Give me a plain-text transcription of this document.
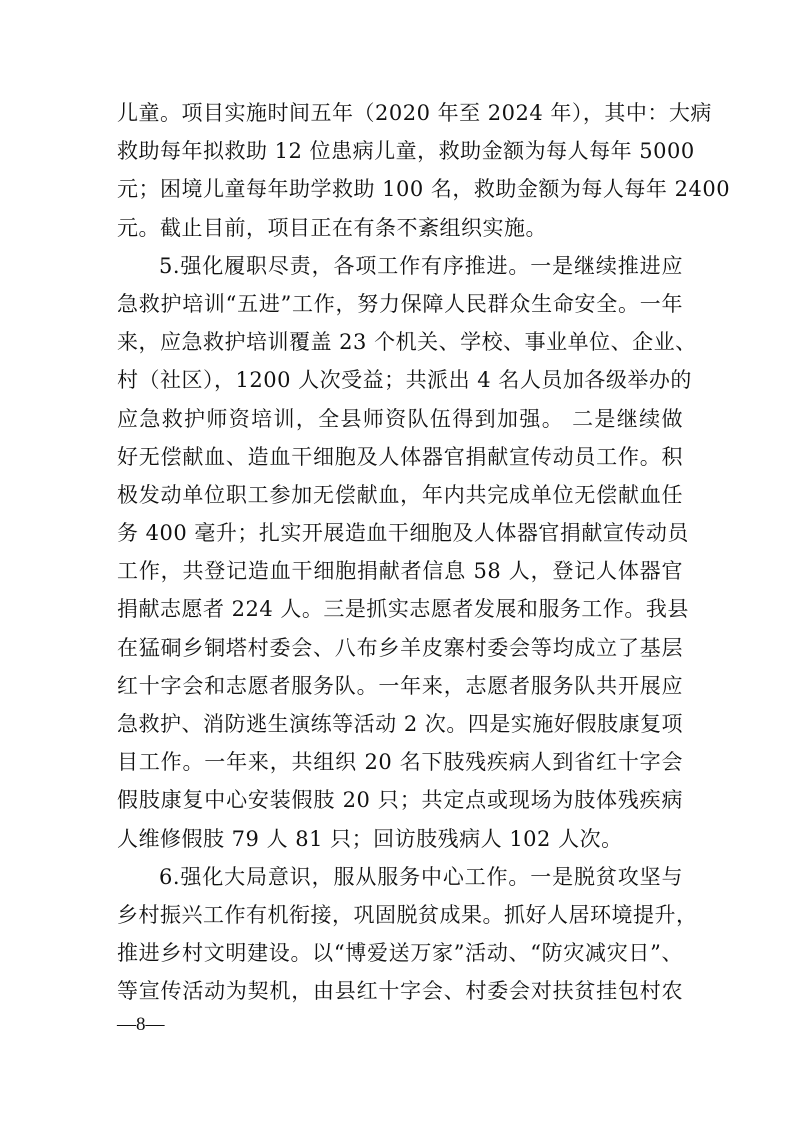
儿童。项目实施时间五年（2020 年至 2024 年），其中：大病
救助每年拟救助 12 位患病儿童，救助金额为每人每年 5000
元；困境儿童每年助学救助 100 名，救助金额为每人每年 2400
元。截止目前，项目正在有条不紊组织实施。
5.强化履职尽责，各项工作有序推进。一是继续推进应
急救护培训“五进”工作，努力保障人民群众生命安全。一年
来，应急救护培训覆盖 23 个机关、学校、事业单位、企业、
村（社区），1200 人次受益；共派出 4 名人员加各级举办的
应急救护师资培训，全县师资队伍得到加强。 二是继续做
好无偿献血、造血干细胞及人体器官捐献宣传动员工作。积
极发动单位职工参加无偿献血，年内共完成单位无偿献血任
务 400 毫升；扎实开展造血干细胞及人体器官捐献宣传动员
工作，共登记造血干细胞捐献者信息 58 人，登记人体器官
捐献志愿者 224 人。三是抓实志愿者发展和服务工作。我县
在猛硐乡铜塔村委会、八布乡羊皮寨村委会等均成立了基层
红十字会和志愿者服务队。一年来，志愿者服务队共开展应
急救护、消防逃生演练等活动 2 次。四是实施好假肢康复项
目工作。一年来，共组织 20 名下肢残疾病人到省红十字会
假肢康复中心安装假肢 20 只；共定点或现场为肢体残疾病
人维修假肢 79 人 81 只；回访肢残病人 102 人次。
6.强化大局意识，服从服务中心工作。一是脱贫攻坚与
乡村振兴工作有机衔接，巩固脱贫成果。抓好人居环境提升，
推进乡村文明建设。以“博爱送万家”活动、“防灾减灾日”、
等宣传活动为契机，由县红十字会、村委会对扶贫挂包村农
—8—
